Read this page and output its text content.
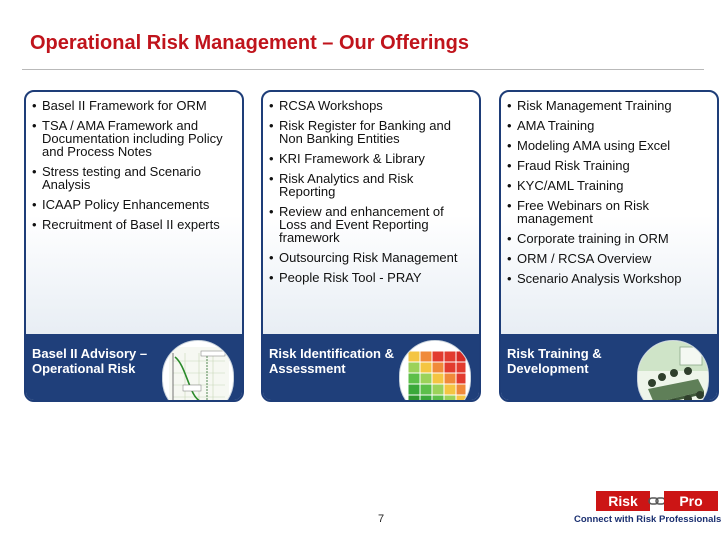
Operational Risk Management – Our Offerings
• Basel II Framework for ORM
• TSA / AMA Framework and Documentation including Policy and Process Notes
• Stress testing and Scenario Analysis
• ICAAP Policy Enhancements
• Recruitment of Basel II experts
Basel II Advisory – Operational Risk
• RCSA Workshops
• Risk Register for Banking and Non Banking Entities
• KRI Framework & Library
• Risk Analytics and Risk Reporting
• Review and enhancement of Loss and Event Reporting framework
• Outsourcing Risk Management
• People Risk Tool - PRAY
Risk Identification & Assessment
• Risk Management Training
• AMA Training
• Modeling AMA using Excel
• Fraud Risk Training
• KYC/AML Training
• Free Webinars on Risk management
• Corporate training in ORM
• ORM / RCSA Overview
• Scenario Analysis Workshop
Risk Training & Development
7
Risk	Pro
Connect with Risk Professionals
